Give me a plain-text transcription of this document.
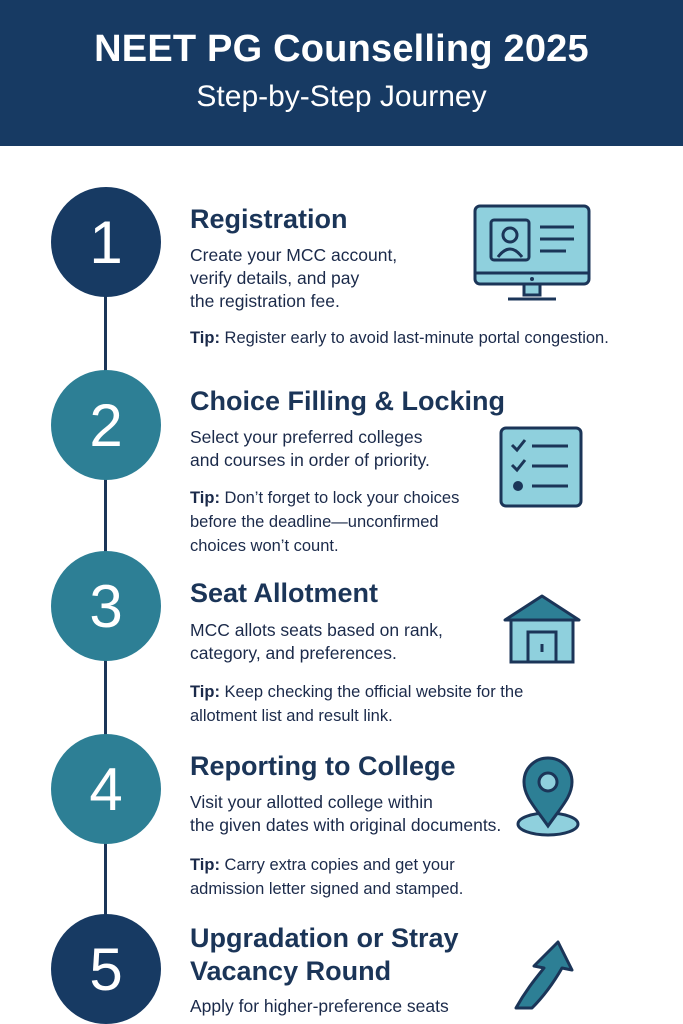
NEET PG Counselling 2025
Step-by-Step Journey
1	Registration
Create your MCC account,
verify details, and pay
the registration fee.
Tip: Register early to avoid last-minute portal congestion.
2	Choice Filling & Locking
Select your preferred colleges
and courses in order of priority.
Tip: Don’t forget to lock your choices
before the deadline—unconfirmed
choices won’t count.
3	Seat Allotment
MCC allots seats based on rank,
category, and preferences.
Tip: Keep checking the official website for the
allotment list and result link.
4	Reporting to College
Visit your allotted college within
the given dates with original documents.
Tip: Carry extra copies and get your
admission letter signed and stamped.
5	Upgradation or Stray
Vacancy Round
Apply for higher-preference seats
